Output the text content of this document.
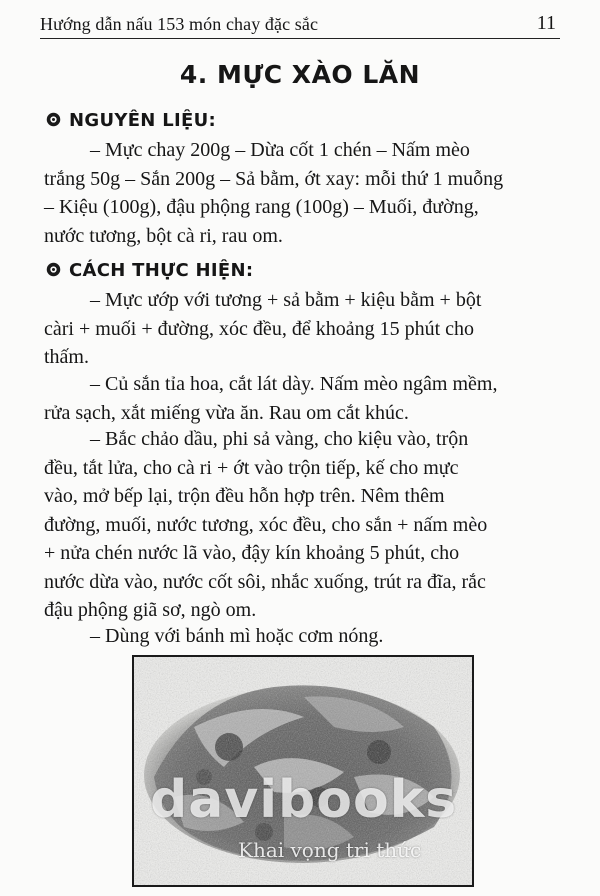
Hướng dẫn nấu 153 món chay đặc sắc	11
4. MỰC XÀO LĂN
NGUYÊN LIỆU:
– Mực chay 200g – Dừa cốt 1 chén – Nấm mèo
trắng 50g – Sắn 200g – Sả bằm, ớt xay: mỗi thứ 1 muỗng
– Kiệu (100g), đậu phộng rang (100g) – Muối, đường,
nước tương, bột cà ri, rau om.
CÁCH THỰC HIỆN:
– Mực ướp với tương + sả bằm + kiệu bằm + bột
càri + muối + đường, xóc đều, để khoảng 15 phút cho
thấm.
– Củ sắn tỉa hoa, cắt lát dày. Nấm mèo ngâm mềm,
rửa sạch, xắt miếng vừa ăn. Rau om cắt khúc.
– Bắc chảo dầu, phi sả vàng, cho kiệu vào, trộn
đều, tắt lửa, cho cà ri + ớt vào trộn tiếp, kế cho mực
vào, mở bếp lại, trộn đều hỗn hợp trên. Nêm thêm
đường, muối, nước tương, xóc đều, cho sắn + nấm mèo
+ nửa chén nước lã vào, đậy kín khoảng 5 phút, cho
nước dừa vào, nước cốt sôi, nhắc xuống, trút ra đĩa, rắc
đậu phộng giã sơ, ngò om.
– Dùng với bánh mì hoặc cơm nóng.
davibooks
Khai vọng tri thức
